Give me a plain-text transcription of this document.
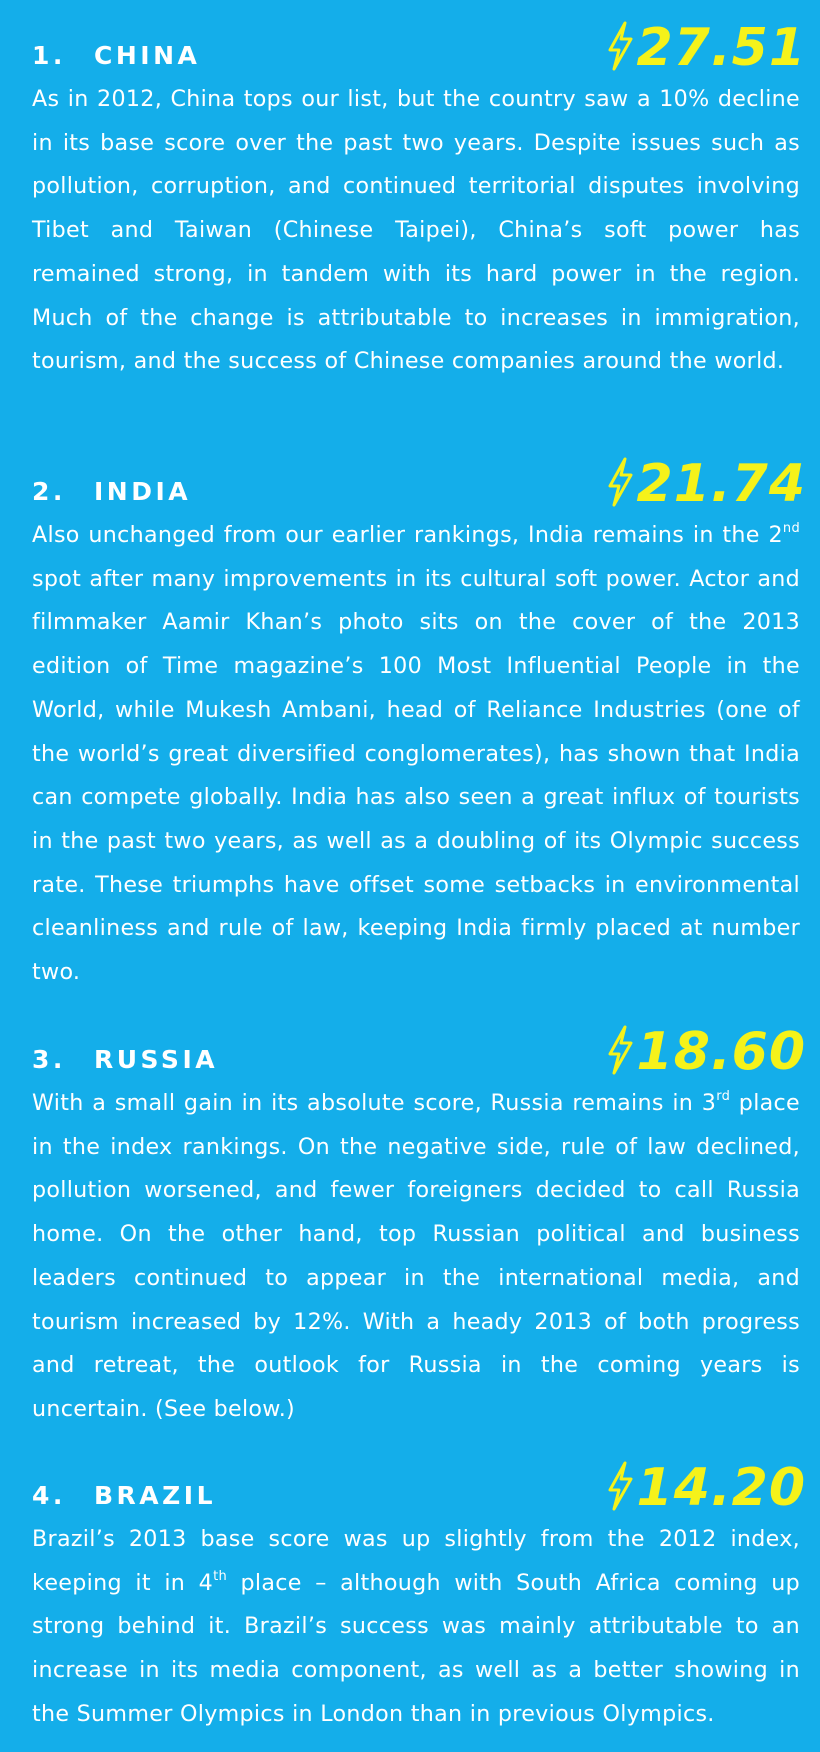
1. CHINA	27.51

As in 2012, China tops our list, but the country saw a 10% decline in its base score over the past two years. Despite issues such as pollution, corruption, and continued territorial disputes involving Tibet and Taiwan (Chinese Taipei), China’s soft power has remained strong, in tandem with its hard power in the region. Much of the change is attributable to increases in immigration, tourism, and the success of Chinese companies around the world.

2. INDIA	21.74

Also unchanged from our earlier rankings, India remains in the 2nd spot after many improvements in its cultural soft power. Actor and filmmaker Aamir Khan’s photo sits on the cover of the 2013 edition of Time magazine’s 100 Most Influential People in the World, while Mukesh Ambani, head of Reliance Industries (one of the world’s great diversified conglomerates), has shown that India can compete globally. India has also seen a great influx of tourists in the past two years, as well as a doubling of its Olympic success rate. These triumphs have offset some setbacks in environmental cleanliness and rule of law, keeping India firmly placed at number two.

3. RUSSIA	18.60

With a small gain in its absolute score, Russia remains in 3rd place in the index rankings. On the negative side, rule of law declined, pollution worsened, and fewer foreigners decided to call Russia home. On the other hand, top Russian political and business leaders continued to appear in the international media, and tourism increased by 12%. With a heady 2013 of both progress and retreat, the outlook for Russia in the coming years is uncertain. (See below.)

4. BRAZIL	14.20

Brazil’s 2013 base score was up slightly from the 2012 index, keeping it in 4th place – although with South Africa coming up strong behind it. Brazil’s success was mainly attributable to an increase in its media component, as well as a better showing in the Summer Olympics in London than in previous Olympics.
